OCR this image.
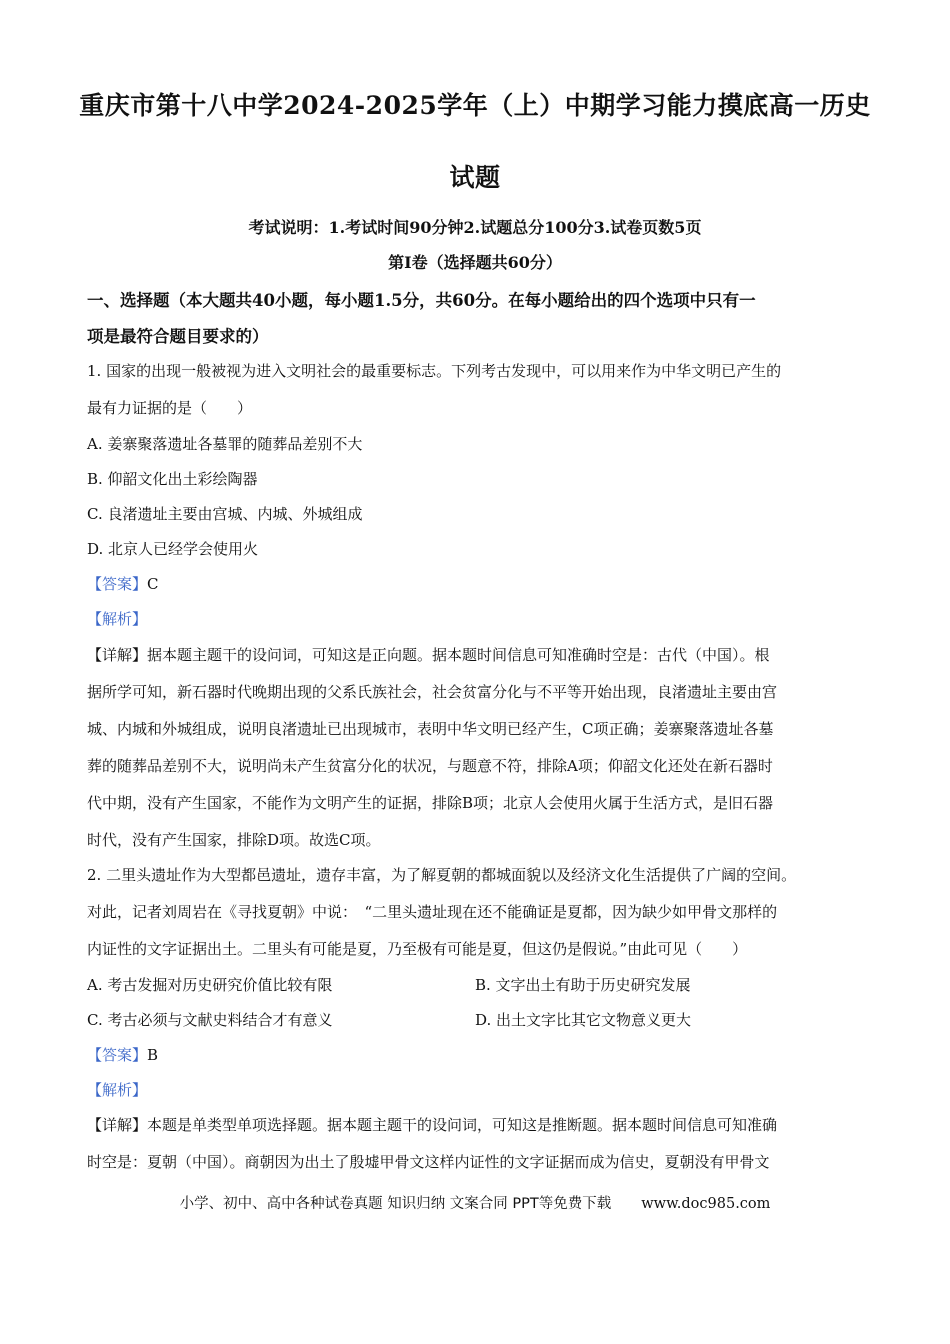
重庆市第十八中学2024-2025学年（上）中期学习能力摸底高一历史
试题
考试说明：1.考试时间90分钟2.试题总分100分3.试卷页数5页
第Ⅰ卷（选择题共60分）
一、选择题（本大题共40小题，每小题1.5分，共60分。在每小题给出的四个选项中只有一
项是最符合题目要求的）
1. 国家的出现一般被视为进入文明社会的最重要标志。下列考古发现中，可以用来作为中华文明已产生的
最有力证据的是（　　）
A. 姜寨聚落遗址各墓罪的随葬品差别不大
B. 仰韶文化出土彩绘陶器
C. 良渚遗址主要由宫城、内城、外城组成
D. 北京人已经学会使用火
【答案】C
【解析】
【详解】据本题主题干的设问词，可知这是正向题。据本题时间信息可知准确时空是：古代（中国）。根
据所学可知，新石器时代晚期出现的父系氏族社会，社会贫富分化与不平等开始出现，良渚遗址主要由宫
城、内城和外城组成，说明良渚遗址已出现城市，表明中华文明已经产生，C项正确；姜寨聚落遗址各墓
葬的随葬品差别不大，说明尚未产生贫富分化的状况，与题意不符，排除A项；仰韶文化还处在新石器时
代中期，没有产生国家，不能作为文明产生的证据，排除B项；北京人会使用火属于生活方式，是旧石器
时代，没有产生国家，排除D项。故选C项。
2. 二里头遗址作为大型都邑遗址，遗存丰富，为了解夏朝的都城面貌以及经济文化生活提供了广阔的空间。
对此，记者刘周岩在《寻找夏朝》中说：　“二里头遗址现在还不能确证是夏都，因为缺少如甲骨文那样的
内证性的文字证据出土。二里头有可能是夏，乃至极有可能是夏，但这仍是假说。”由此可见（　　）
A. 考古发掘对历史研究价值比较有限	B. 文字出土有助于历史研究发展
C. 考古必须与文献史料结合才有意义	D. 出土文字比其它文物意义更大
【答案】B
【解析】
【详解】本题是单类型单项选择题。据本题主题干的设问词，可知这是推断题。据本题时间信息可知准确
时空是：夏朝（中国）。商朝因为出土了殷墟甲骨文这样内证性的文字证据而成为信史，夏朝没有甲骨文
小学、初中、高中各种试卷真题 知识归纳 文案合同 PPT等免费下载 www.doc985.com
